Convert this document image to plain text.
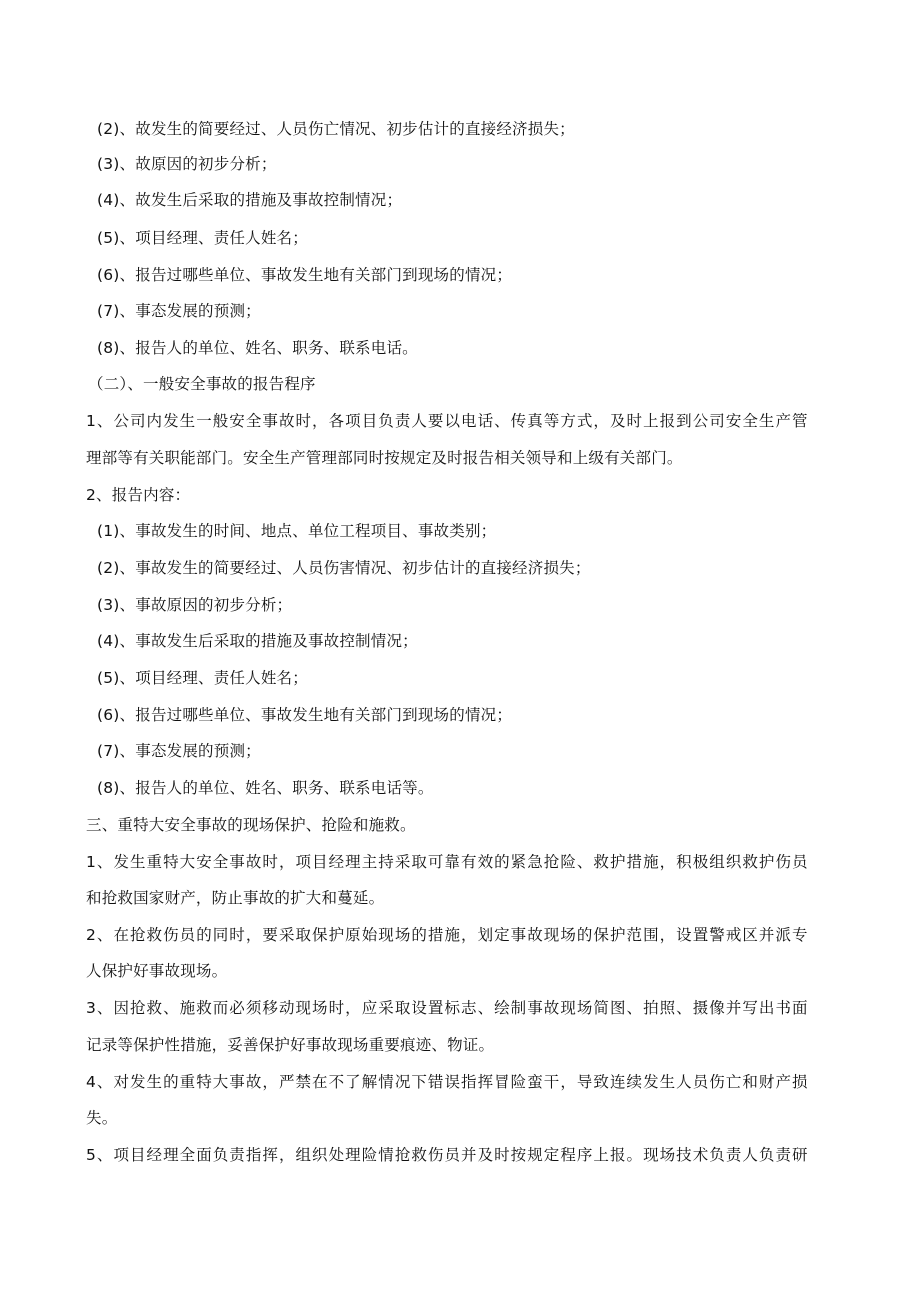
(2)、故发生的简要经过、人员伤亡情况、初步估计的直接经济损失；
(3)、故原因的初步分析；
(4)、故发生后采取的措施及事故控制情况；
(5)、项目经理、责任人姓名；
(6)、报告过哪些单位、事故发生地有关部门到现场的情况；
(7)、事态发展的预测；
(8)、报告人的单位、姓名、职务、联系电话。
（二）、一般安全事故的报告程序
1、公司内发生一般安全事故时，各项目负责人要以电话、传真等方式，及时上报到公司安全生产管
理部等有关职能部门。安全生产管理部同时按规定及时报告相关领导和上级有关部门。
2、报告内容：
(1)、事故发生的时间、地点、单位工程项目、事故类别；
(2)、事故发生的简要经过、人员伤害情况、初步估计的直接经济损失；
(3)、事故原因的初步分析；
(4)、事故发生后采取的措施及事故控制情况；
(5)、项目经理、责任人姓名；
(6)、报告过哪些单位、事故发生地有关部门到现场的情况；
(7)、事态发展的预测；
(8)、报告人的单位、姓名、职务、联系电话等。
三、重特大安全事故的现场保护、抢险和施救。
1、发生重特大安全事故时，项目经理主持采取可靠有效的紧急抢险、救护措施，积极组织救护伤员
和抢救国家财产，防止事故的扩大和蔓延。
2、在抢救伤员的同时，要采取保护原始现场的措施，划定事故现场的保护范围，设置警戒区并派专
人保护好事故现场。
3、因抢救、施救而必须移动现场时，应采取设置标志、绘制事故现场简图、拍照、摄像并写出书面
记录等保护性措施，妥善保护好事故现场重要痕迹、物证。
4、对发生的重特大事故，严禁在不了解情况下错误指挥冒险蛮干，导致连续发生人员伤亡和财产损
失。
5、项目经理全面负责指挥，组织处理险情抢救伤员并及时按规定程序上报。现场技术负责人负责研
